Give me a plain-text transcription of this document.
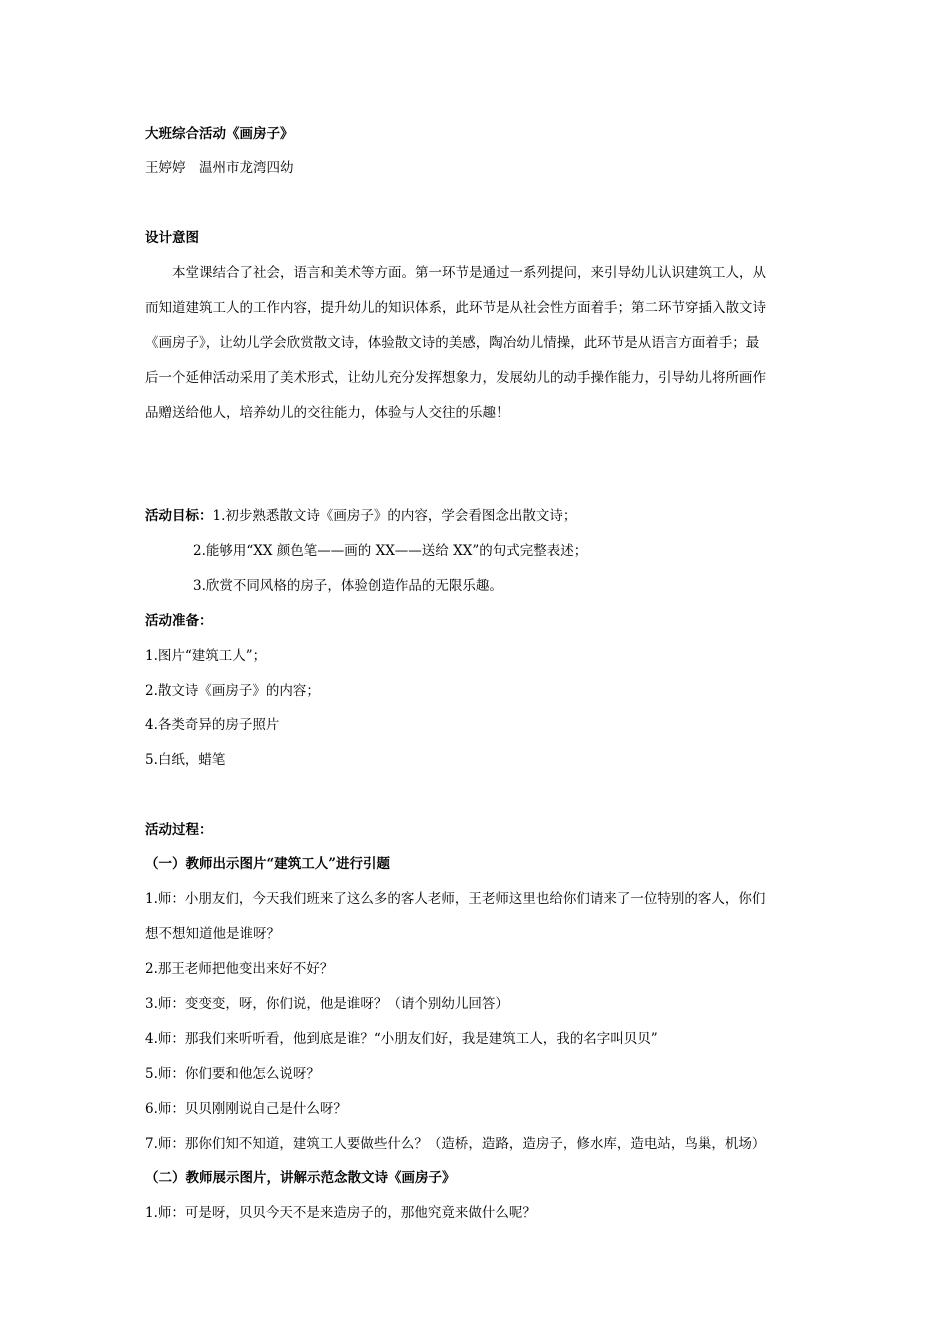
大班综合活动《画房子》
王婷婷　温州市龙湾四幼
设计意图
　　本堂课结合了社会，语言和美术等方面。第一环节是通过一系列提问，来引导幼儿认识建筑工人，从
而知道建筑工人的工作内容，提升幼儿的知识体系，此环节是从社会性方面着手；第二环节穿插入散文诗
《画房子》，让幼儿学会欣赏散文诗，体验散文诗的美感，陶冶幼儿情操，此环节是从语言方面着手；最
后一个延伸活动采用了美术形式，让幼儿充分发挥想象力，发展幼儿的动手操作能力，引导幼儿将所画作
品赠送给他人，培养幼儿的交往能力，体验与人交往的乐趣！
活动目标：1.初步熟悉散文诗《画房子》的内容，学会看图念出散文诗；
2.能够用“XX 颜色笔——画的 XX——送给 XX”的句式完整表述；
3.欣赏不同风格的房子，体验创造作品的无限乐趣。
活动准备：
1.图片“建筑工人”；
2.散文诗《画房子》的内容；
4.各类奇异的房子照片
5.白纸，蜡笔
活动过程：
（一）教师出示图片“建筑工人”进行引题
1.师：小朋友们，今天我们班来了这么多的客人老师，王老师这里也给你们请来了一位特别的客人，你们
想不想知道他是谁呀？
2.那王老师把他变出来好不好？
3.师：变变变，呀，你们说，他是谁呀？（请个别幼儿回答）
4.师：那我们来听听看，他到底是谁？“小朋友们好，我是建筑工人，我的名字叫贝贝”
5.师：你们要和他怎么说呀？
6.师：贝贝刚刚说自己是什么呀？
7.师：那你们知不知道，建筑工人要做些什么？（造桥，造路，造房子，修水库，造电站，鸟巢，机场）
（二）教师展示图片，讲解示范念散文诗《画房子》
1.师：可是呀，贝贝今天不是来造房子的，那他究竟来做什么呢？
